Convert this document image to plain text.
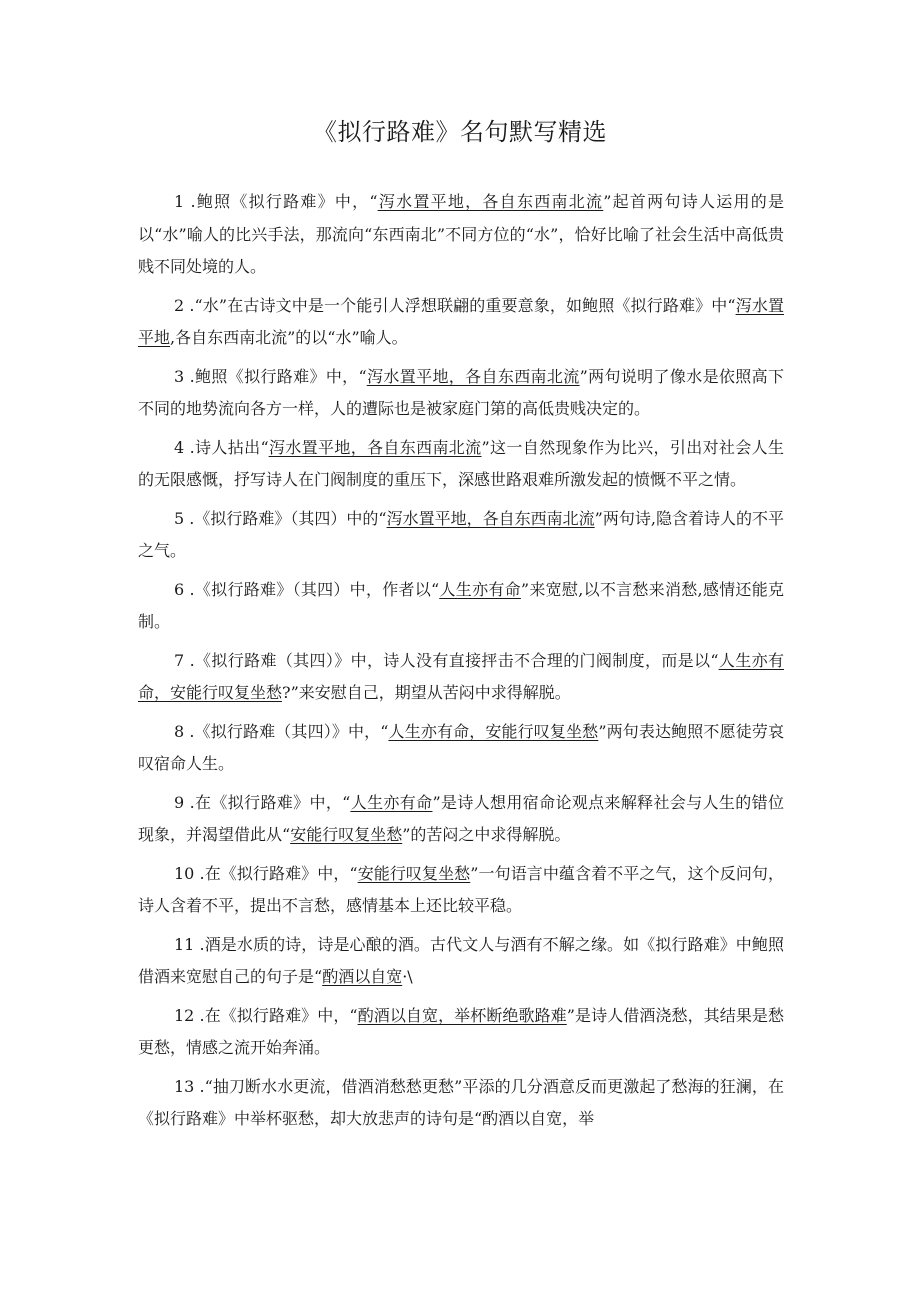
《拟行路难》名句默写精选

1 .鲍照《拟行路难》中，“泻水置平地，各自东西南北流”起首两句诗人运用的是以“水”喻人的比兴手法，那流向“东西南北”不同方位的“水”，恰好比喻了社会生活中高低贵贱不同处境的人。

2 .“水”在古诗文中是一个能引人浮想联翩的重要意象，如鲍照《拟行路难》中“泻水置平地,各自东西南北流”的以“水”喻人。

3 .鲍照《拟行路难》中，“泻水置平地，各自东西南北流”两句说明了像水是依照高下不同的地势流向各方一样，人的遭际也是被家庭门第的高低贵贱决定的。

4 .诗人拈出“泻水置平地，各自东西南北流”这一自然现象作为比兴，引出对社会人生的无限感慨，抒写诗人在门阀制度的重压下，深感世路艰难所激发起的愤慨不平之情。

5 .《拟行路难》（其四）中的“泻水置平地，各自东西南北流”两句诗,隐含着诗人的不平之气。

6 .《拟行路难》（其四）中，作者以“人生亦有命”来宽慰,以不言愁来消愁,感情还能克制。

7 .《拟行路难（其四）》中，诗人没有直接抨击不合理的门阀制度，而是以“人生亦有命，安能行叹复坐愁?”来安慰自己，期望从苦闷中求得解脱。

8 .《拟行路难（其四）》中，“人生亦有命，安能行叹复坐愁”两句表达鲍照不愿徒劳哀叹宿命人生。

9 .在《拟行路难》中，“人生亦有命”是诗人想用宿命论观点来解释社会与人生的错位现象，并渴望借此从“安能行叹复坐愁”的苦闷之中求得解脱。

10 .在《拟行路难》中，“安能行叹复坐愁”一句语言中蕴含着不平之气，这个反问句，诗人含着不平，提出不言愁，感情基本上还比较平稳。

11 .酒是水质的诗，诗是心酿的酒。古代文人与酒有不解之缘。如《拟行路难》中鲍照借酒来宽慰自己的句子是“酌酒以自宽·\

12 .在《拟行路难》中，“酌酒以自宽，举杯断绝歌路难”是诗人借酒浇愁，其结果是愁更愁，情感之流开始奔涌。

13 .“抽刀断水水更流，借酒消愁愁更愁”平添的几分酒意反而更激起了愁海的狂澜，在《拟行路难》中举杯驱愁，却大放悲声的诗句是“酌酒以自宽，举
